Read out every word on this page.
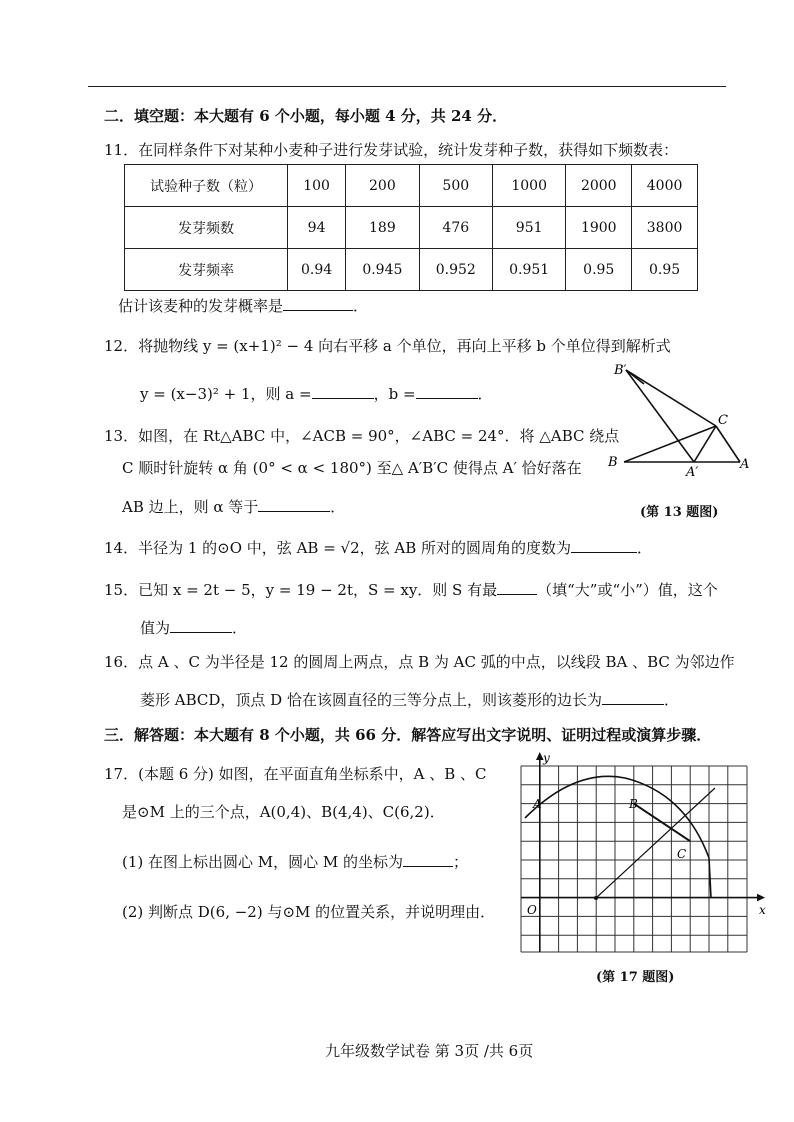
二．填空题：本大题有 6 个小题，每小题 4 分，共 24 分．
11．在同样条件下对某种小麦种子进行发芽试验，统计发芽种子数，获得如下频数表：
试验种子数（粒）	100	200	500	1000	2000	4000
发芽频数	94	189	476	951	1900	3800
发芽频率	0.94	0.945	0.952	0.951	0.95	0.95
估计该麦种的发芽概率是	．
12．将抛物线 y = (x+1)² − 4 向右平移 a 个单位，再向上平移 b 个单位得到解析式
y = (x−3)² + 1，则 a =	，b =	．
13．如图，在 Rt△ABC 中，∠ACB = 90°，∠ABC = 24°．将 △ABC 绕点
C 顺时针旋转 α 角 (0° < α < 180°) 至△ A′B′C 使得点 A′ 恰好落在
AB 边上，则 α 等于	．
B′
C
B
A′
A
(第 13 题图)
14．半径为 1 的⊙O 中，弦 AB = √2，弦 AB 所对的圆周角的度数为	．
15．已知 x = 2t − 5，y = 19 − 2t，S = xy．则 S 有最	（填“大”或“小”）值，这个
值为	．
16．点 A 、C 为半径是 12 的圆周上两点，点 B 为 AC 弧的中点，以线段 BA 、BC 为邻边作
菱形 ABCD，顶点 D 恰在该圆直径的三等分点上，则该菱形的边长为	．
三．解答题：本大题有 8 个小题，共 66 分．解答应写出文字说明、证明过程或演算步骤．
17．(本题 6 分) 如图，在平面直角坐标系中，A 、B 、C
是⊙M 上的三个点，A(0,4)、B(4,4)、C(6,2)．
(1) 在图上标出圆心 M，圆心 M 的坐标为	；
(2) 判断点 D(6, −2) 与⊙M 的位置关系，并说明理由．
y
x
O
A	B
C
(第 17 题图)
九年级数学试卷 第 3页 /共 6页
